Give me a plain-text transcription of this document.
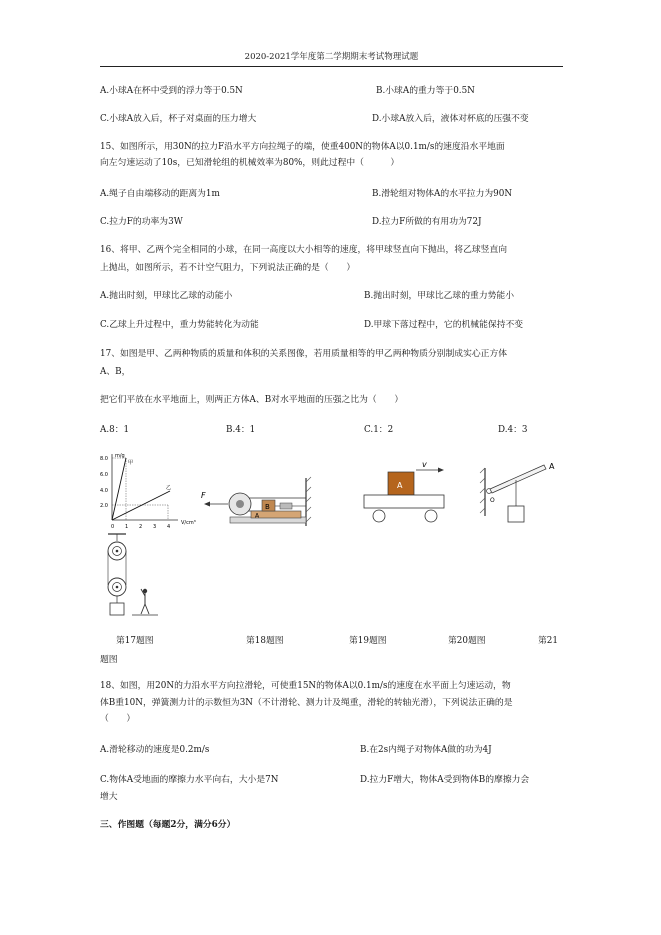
2020-2021学年度第二学期期末考试物理试题
A.小球A在杯中受到的浮力等于0.5N	B.小球A的重力等于0.5N
C.小球A放入后，杯子对桌面的压力增大	D.小球A放入后，液体对杯底的压强不变
15、如图所示，用30N的拉力F沿水平方向拉绳子的端，使重400N的物体A以0.1m/s的速度沿水平地面
向左匀速运动了10s，已知滑轮组的机械效率为80%，则此过程中（　　　）
A.绳子自由端移动的距离为1m	B.滑轮组对物体A的水平拉力为90N
C.拉力F的功率为3W	D.拉力F所做的有用功为72J
16、将甲、乙两个完全相同的小球，在同一高度以大小相等的速度，将甲球竖直向下抛出，将乙球竖直向
上抛出，如图所示，若不计空气阻力，下列说法正确的是（　　）
A.抛出时刻，甲球比乙球的动能小	B.抛出时刻，甲球比乙球的重力势能小
C.乙球上升过程中，重力势能转化为动能	D.甲球下落过程中，它的机械能保持不变
17、如图是甲、乙两种物质的质量和体积的关系图像，若用质量相等的甲乙两种物质分别制成实心正方体
A、B，
把它们平放在水平地面上，则两正方体A、B对水平地面的压强之比为（　　）
A.8：1	B.4：1	C.1：2	D.4：3
m/g
V/cm³
8.0
6.0
4.0
2.0
0 1 2 3 4
甲
乙
F
A
B
v
A
O
A
第17题图	第18题图	第19题图	第20题图	第21
题图
18、如图，用20N的力沿水平方向拉滑轮，可使重15N的物体A以0.1m/s的速度在水平面上匀速运动，物
体B重10N，弹簧测力计的示数恒为3N（不计滑轮、测力计及绳重，滑轮的转轴光滑），下列说法正确的是
（　　）
A.滑轮移动的速度是0.2m/s	B.在2s内绳子对物体A做的功为4J
C.物体A受地面的摩擦力水平向右，大小是7N	D.拉力F增大，物体A受到物体B的摩擦力会
增大
三、作图题（每题2分，满分6分）
